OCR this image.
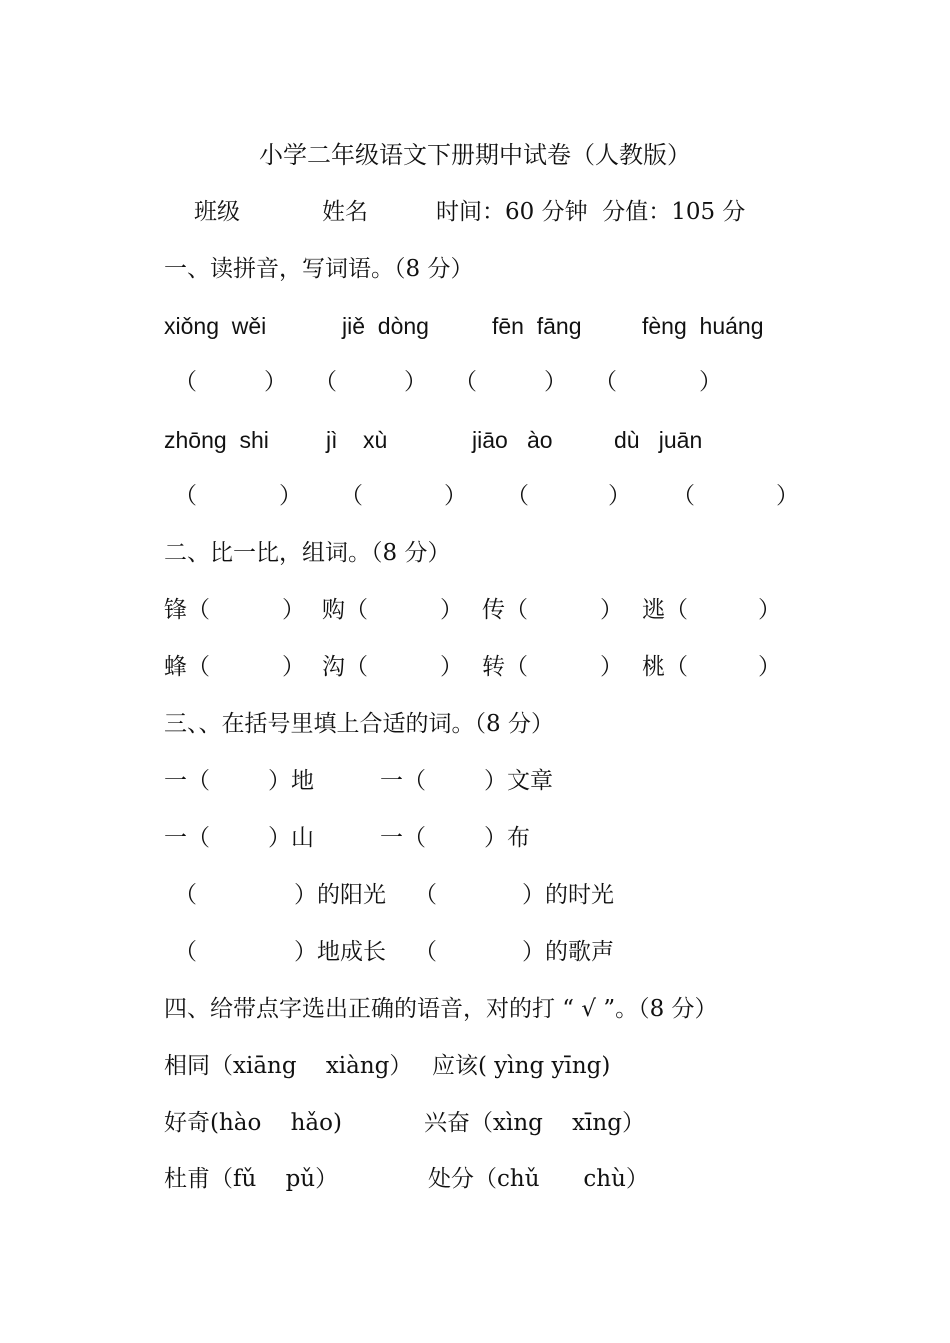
小学二年级语文下册期中试卷（人教版）
班级	姓名	时间：60 分钟  分值：105 分
一、读拼音，写词语。（8 分）
xiǒng  wěi	jiě  dòng	fēn  fāng	fèng  huáng
（	） （	） （	） （	）
zhōng  shi jì    xù	jiāo   ào	dù   juān
（	） （	） （	） （	）
二、比一比，组词。（8 分）
锋（	） 购（	） 传（	） 逃（	）
蜂（	） 沟（	） 转（	） 桃（	）
三、、在括号里填上合适的词。（8 分）
一（	）地	一（	）文章
一（	）山	一（	）布
（	）的阳光 （	）的时光
（	）地成长 （	）的歌声
四、给带点字选出正确的语音，对的打 “ √ ”。（8 分）
相同（xiāng    xiàng） 应该( yìng yīng)
好奇(hào    hǎo)	兴奋（xìng    xīng）
杜甫（fǔ    pǔ）	处分（chǔ      chù）
